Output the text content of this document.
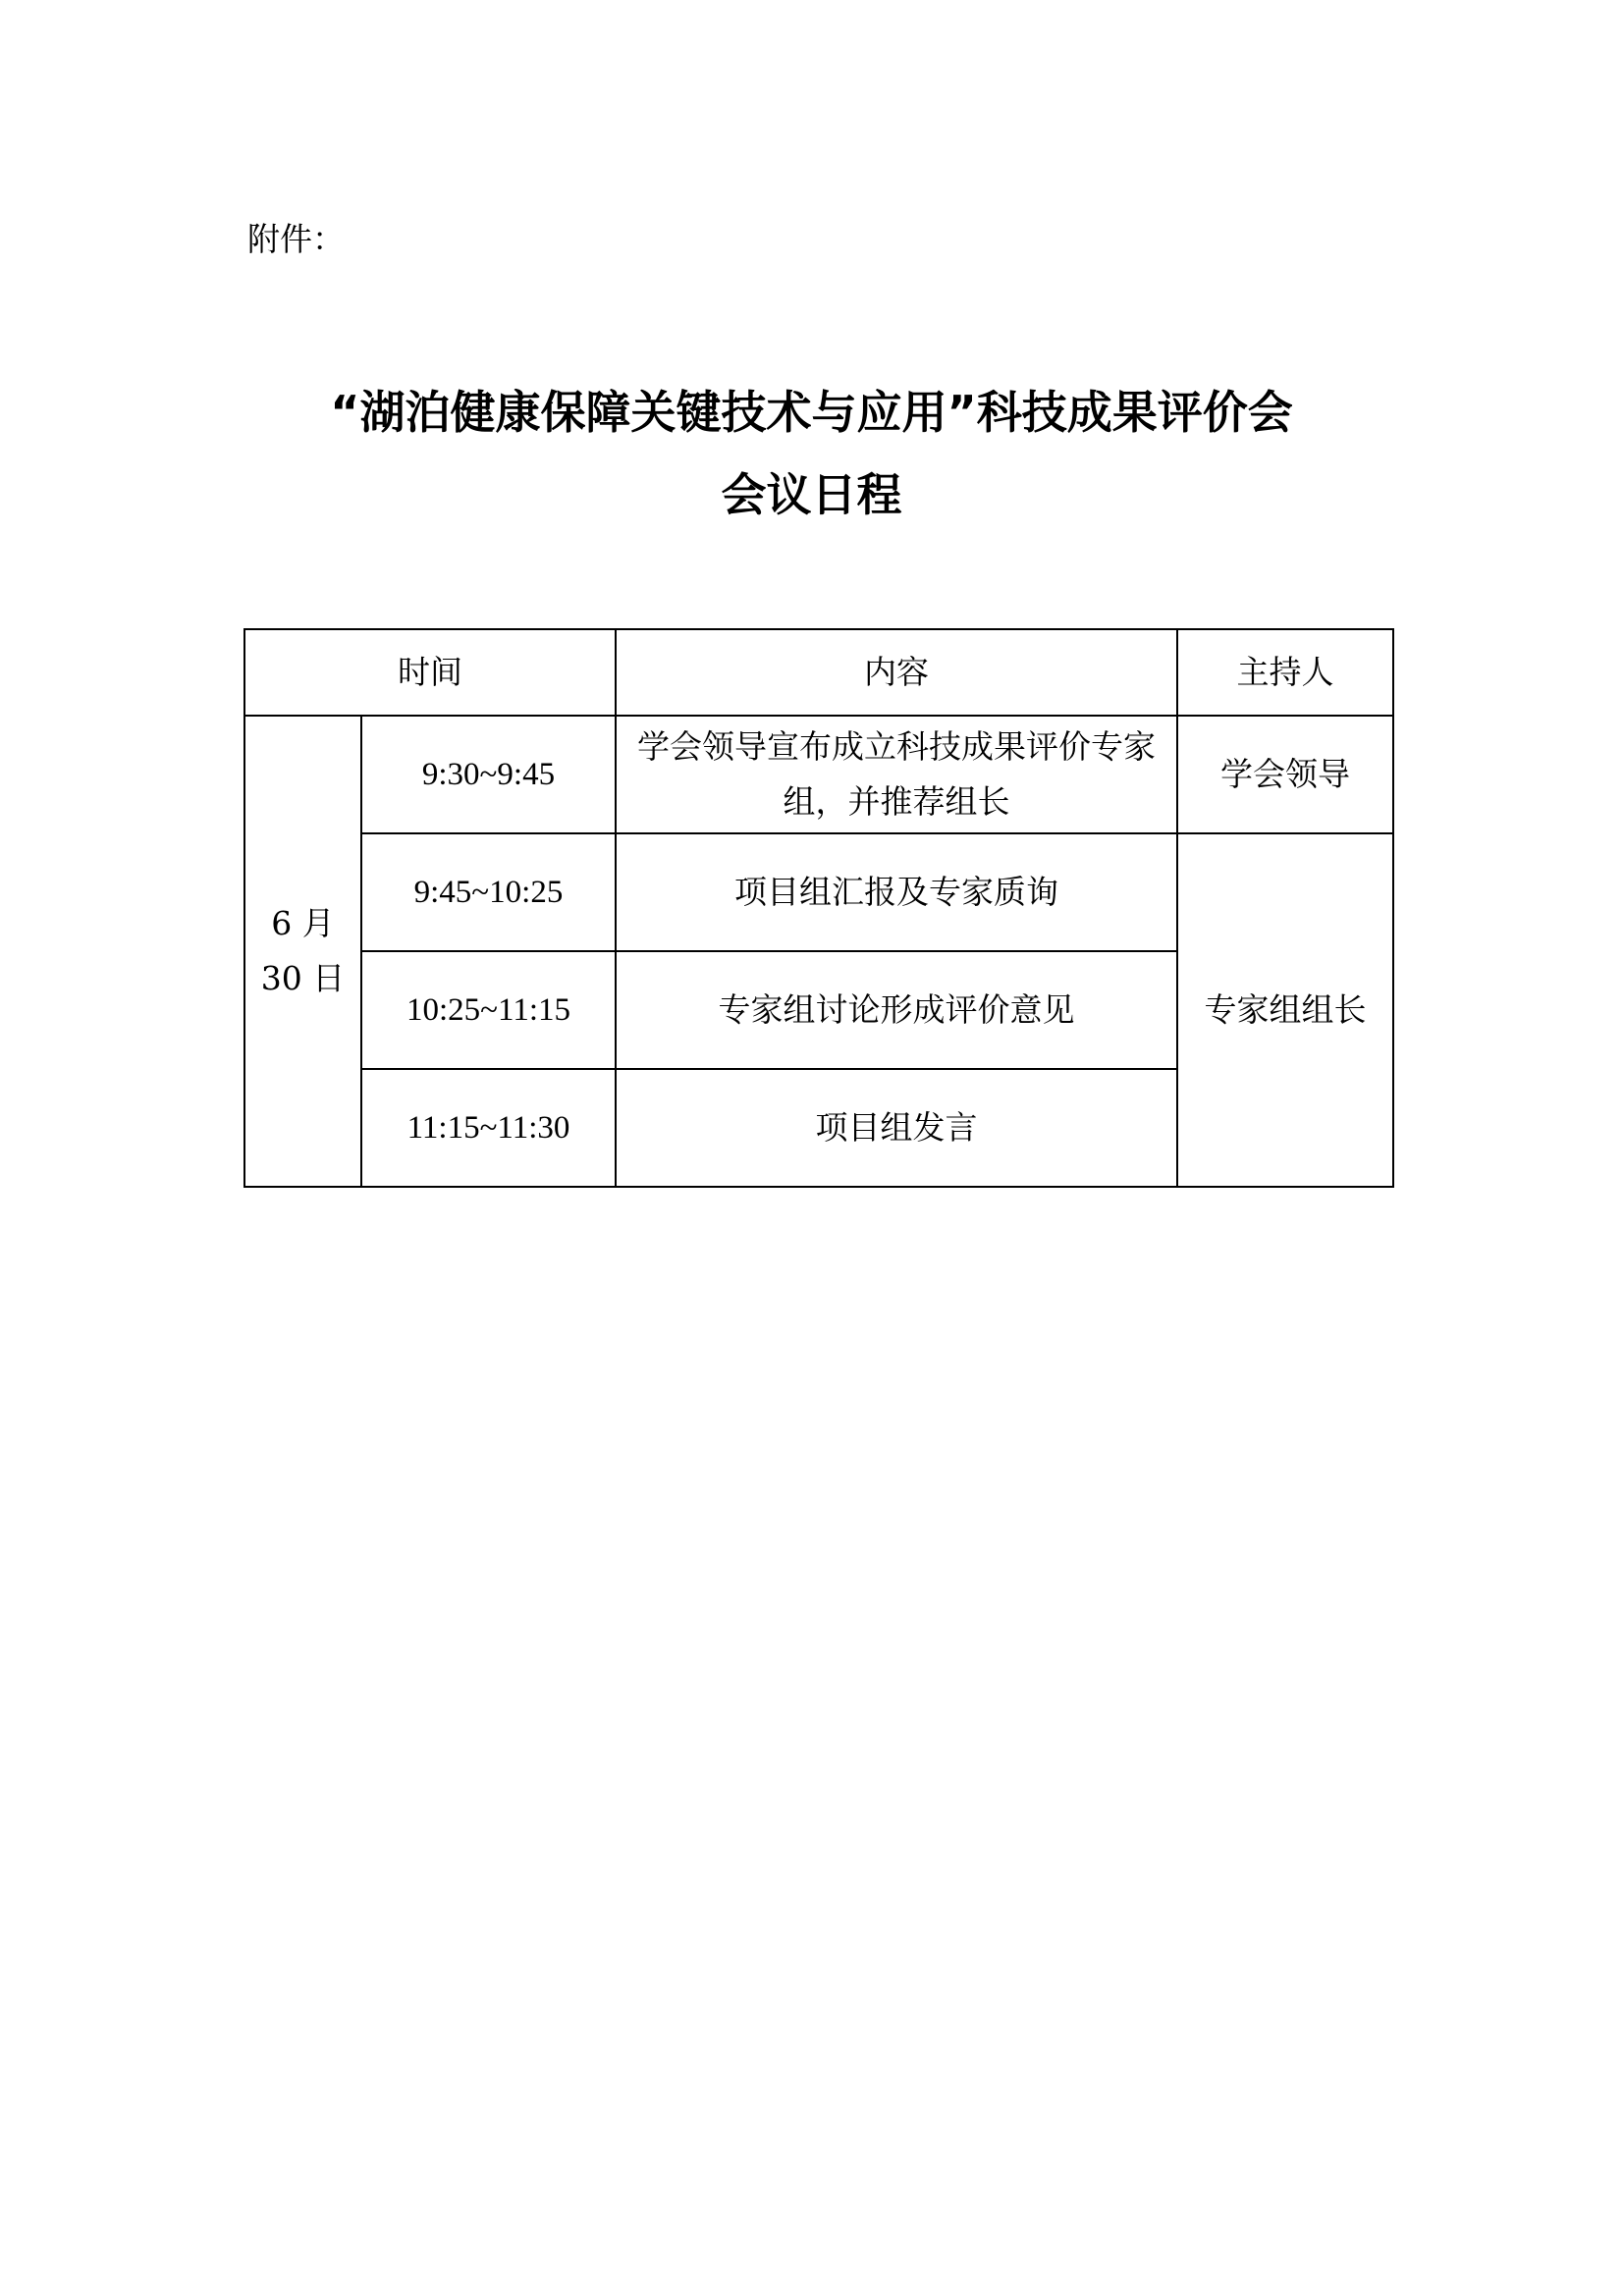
附件：
“湖泊健康保障关键技术与应用”科技成果评价会
会议日程
时间		内容	主持人

6 月
30 日	9:30~9:45	学会领导宣布成立科技成果评价专家组，并推荐组长	学会领导
	9:45~10:25	项目组汇报及专家质询	专家组组长
	10:25~11:15	专家组讨论形成评价意见	
	11:15~11:30	项目组发言	
